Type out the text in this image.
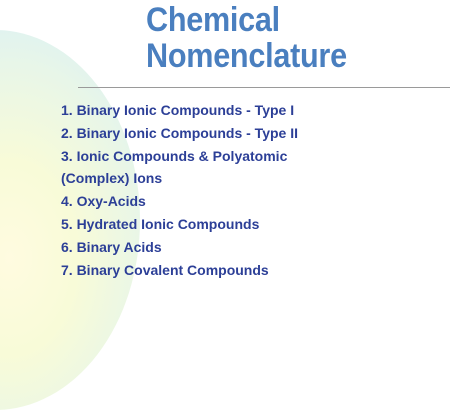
Chemical
Nomenclature
1. Binary Ionic Compounds - Type I
2. Binary Ionic Compounds - Type II
3. Ionic Compounds & Polyatomic
(Complex) Ions
4. Oxy-Acids
5. Hydrated Ionic Compounds
6. Binary Acids
7. Binary Covalent Compounds
